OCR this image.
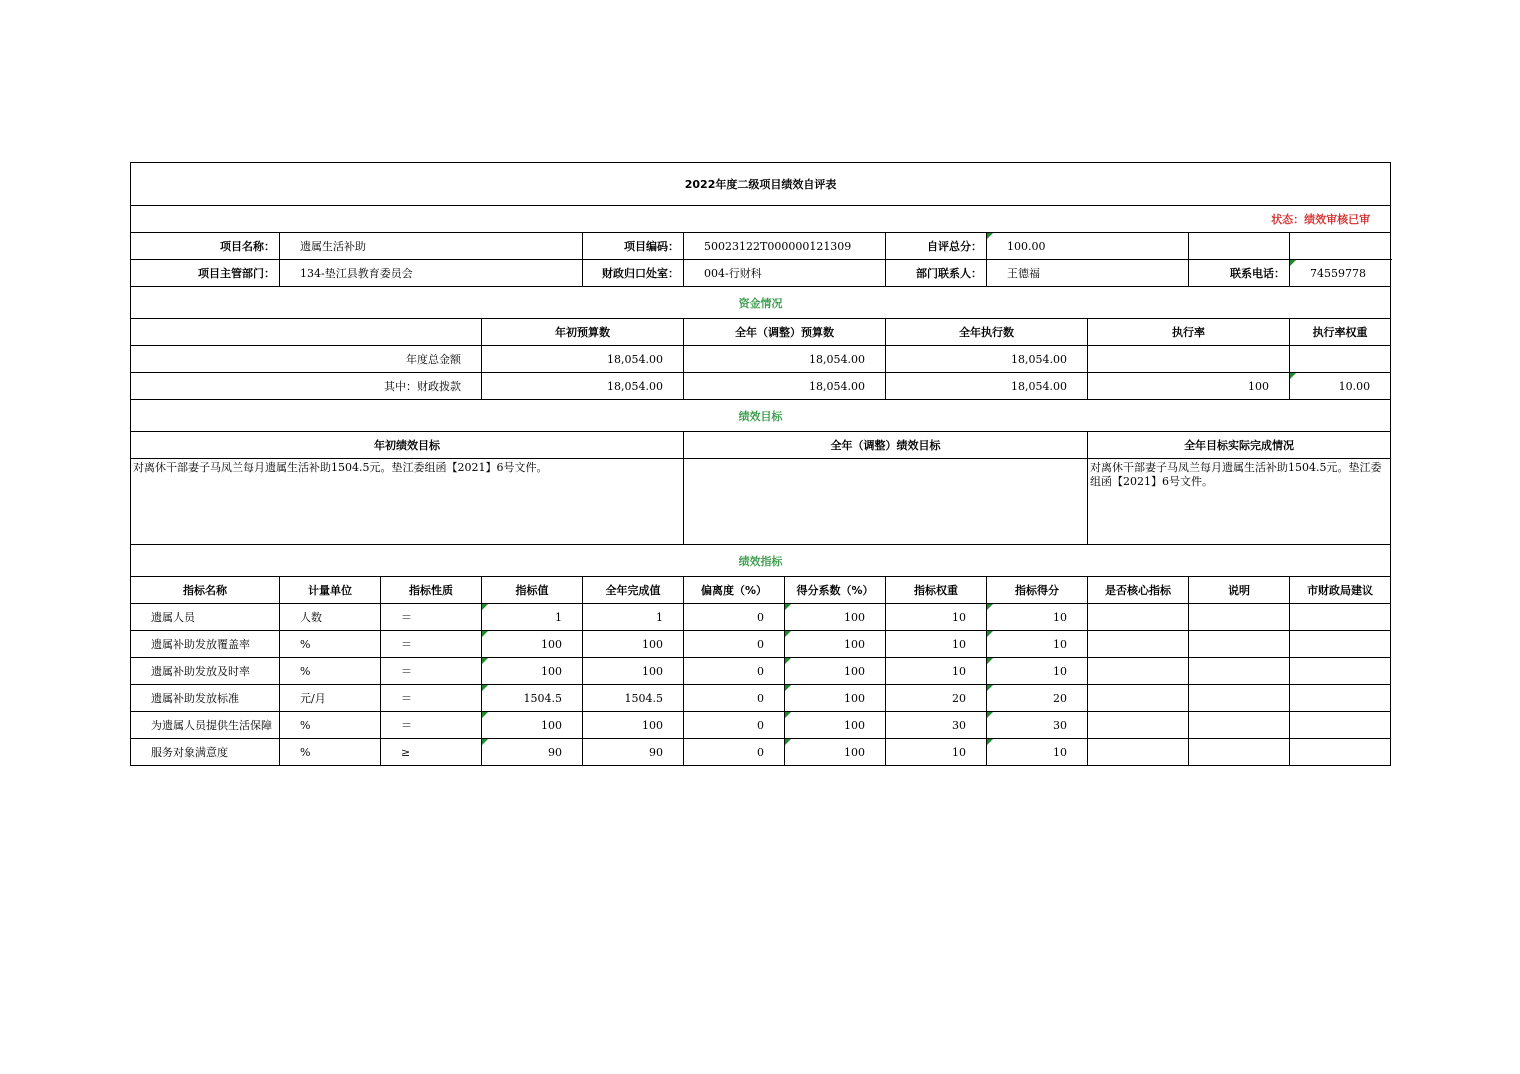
2022年度二级项目绩效自评表												
状态：绩效审核已审												
项目名称：	遗属生活补助			项目编码：	50023122T000000121309		自评总分：	100.00				
项目主管部门：	134-垫江县教育委员会			财政归口处室：	004-行财科		部门联系人：	王德福		联系电话：	74559778	
资金情况												
			年初预算数		全年（调整）预算数		全年执行数		执行率		执行率权重	
年度总金额			18,054.00		18,054.00		18,054.00					
其中：财政拨款			18,054.00		18,054.00		18,054.00		100		10.00	
绩效目标												
年初绩效目标					全年（调整）绩效目标				全年目标实际完成情况			
对离休干部妻子马凤兰每月遗属生活补助1504.5元。垫江委组函【2021】6号文件。									对离休干部妻子马凤兰每月遗属生活补助1504.5元。垫江委组函【2021】6号文件。			
绩效指标												
指标名称	计量单位	指标性质	指标值	全年完成值	偏离度（%）	得分系数（%）	指标权重	指标得分	是否核心指标	说明	市财政局建议	
遗属人员	人数	＝	1	1	0	100	10	10				
遗属补助发放覆盖率	%	＝	100	100	0	100	10	10				
遗属补助发放及时率	%	＝	100	100	0	100	10	10				
遗属补助发放标准	元/月	＝	1504.5	1504.5	0	100	20	20				
为遗属人员提供生活保障	%	＝	100	100	0	100	30	30				
服务对象满意度	%	≥	90	90	0	100	10	10				
